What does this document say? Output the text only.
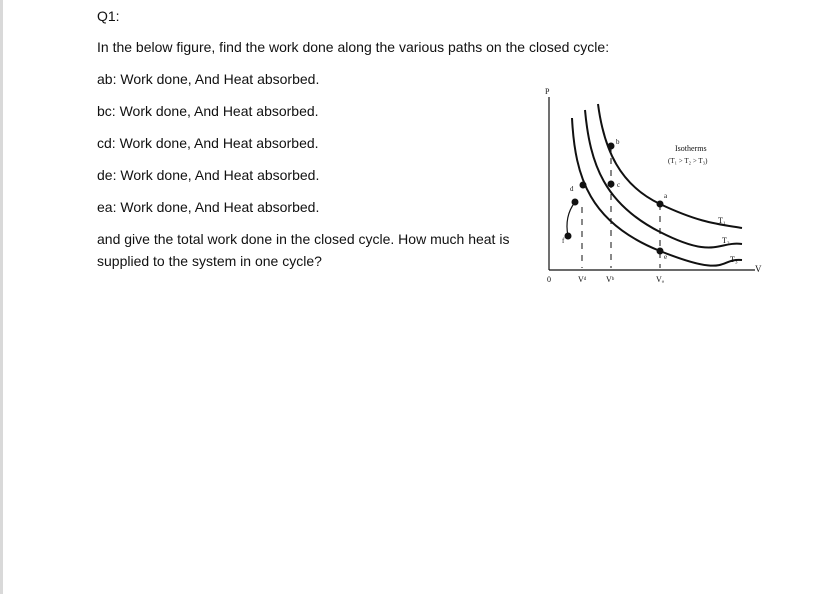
Q1:

In the below figure, find the work done along the various paths on the closed cycle:

ab: Work done, And Heat absorbed.

bc: Work done, And Heat absorbed.

cd: Work done, And Heat absorbed.

de: Work done, And Heat absorbed.

ea: Work done, And Heat absorbed.

and give the total work done in the closed cycle. How much heat is supplied to the system in one cycle?

P
V
0
b
c
d
f
a
e
Isotherms
(T₁ > T₂ > T₃)
T₁
T₂
T₃
Vᵈ Vᵇ	Vₐ
